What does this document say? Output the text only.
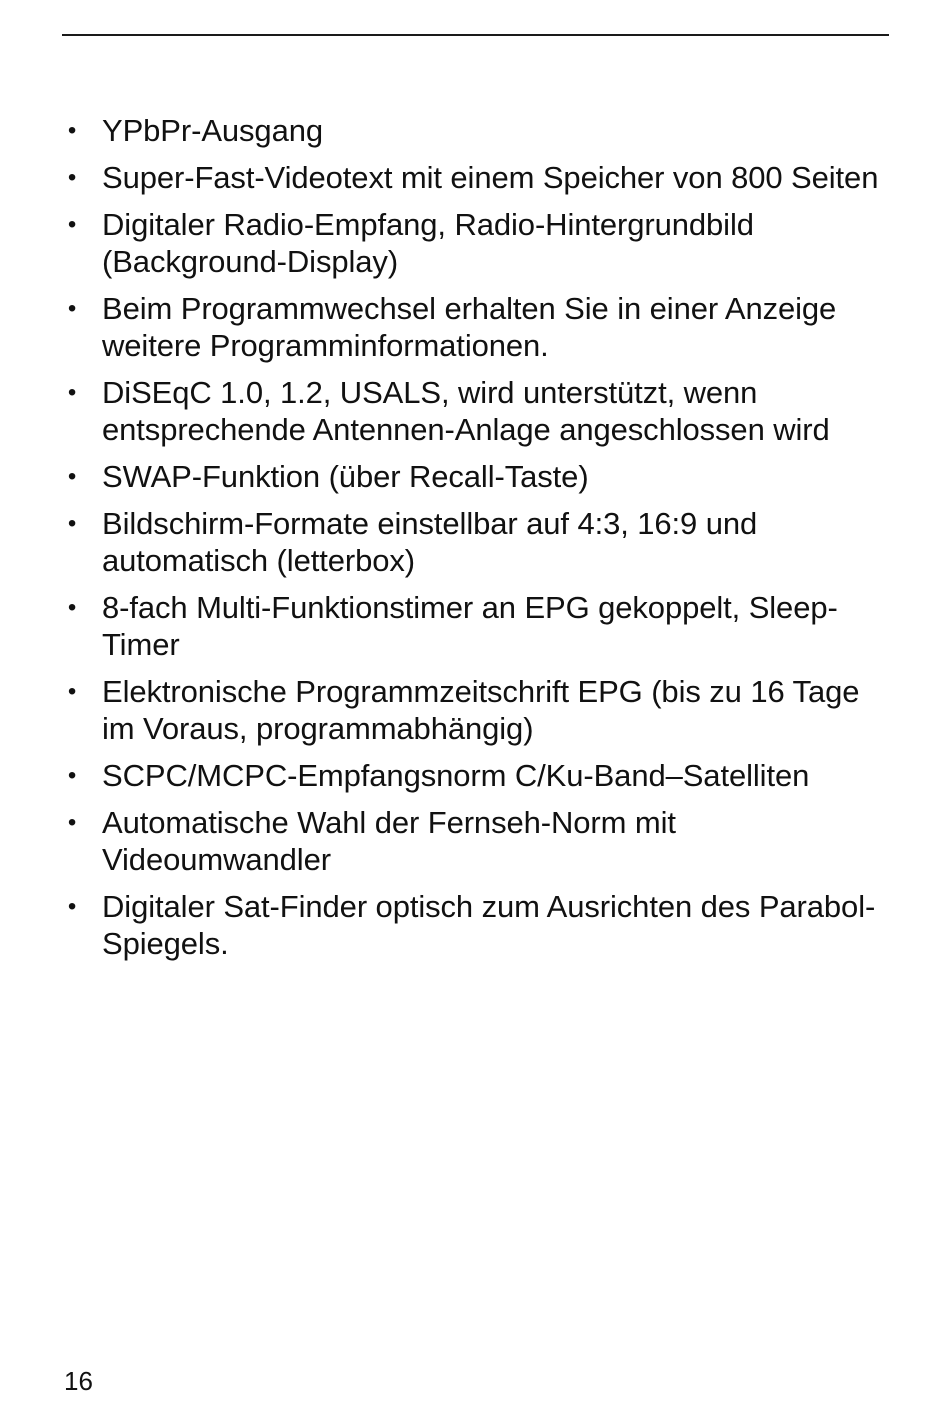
• YPbPr-Ausgang
• Super-Fast-Videotext mit einem Speicher von 800 Seiten
• Digitaler Radio-Empfang, Radio-Hintergrundbild (Background-Display)
• Beim Programmwechsel erhalten Sie in einer Anzeige weitere Programminformationen.
• DiSEqC 1.0, 1.2, USALS, wird unterstützt, wenn entsprechende Antennen-Anlage angeschlossen wird
• SWAP-Funktion (über Recall-Taste)
• Bildschirm-Formate einstellbar auf 4:3, 16:9 und automatisch (letterbox)
• 8-fach Multi-Funktionstimer an EPG gekoppelt, Sleep-Timer
• Elektronische Programmzeitschrift EPG (bis zu 16 Tage im Voraus, programmabhängig)
• SCPC/MCPC-Empfangsnorm C/Ku-Band–Satelliten
• Automatische Wahl der Fernseh-Norm mit Videoumwandler
• Digitaler Sat-Finder optisch zum Ausrichten des Parabol-Spiegels.
16
